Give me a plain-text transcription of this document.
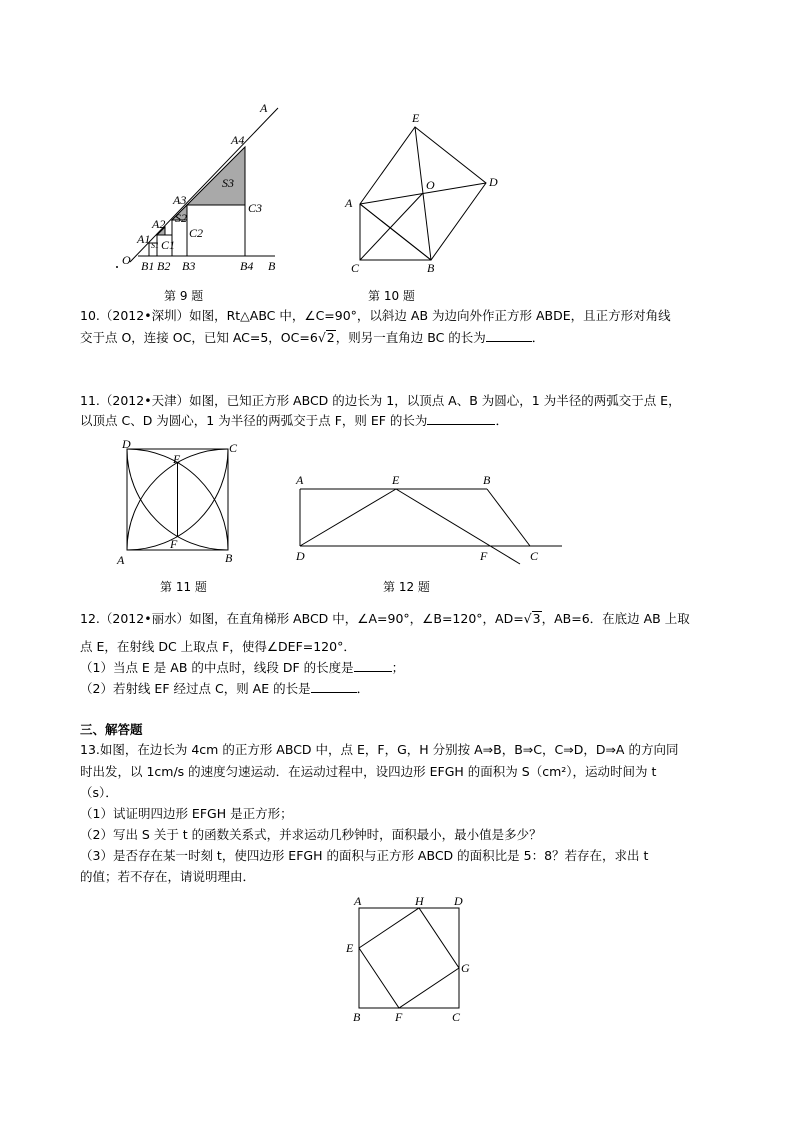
A
A4
S3
C3
A3
A2 S2
C2
A1 S1 C1
O B1 B2 B3	B4 B
第 9 题
E
O	D
A
C	B
第 10 题
10.（2012•深圳）如图，Rt△ABC 中，∠C=90°，以斜边 AB 为边向外作正方形 ABDE，且正方形对角线
交于点 O，连接 OC，已知 AC=5，OC=6√2，则另一直角边 BC 的长为	．
11.（2012•天津）如图，已知正方形 ABCD 的边长为 1，以顶点 A、B 为圆心，1 为半径的两弧交于点 E，
以顶点 C、D 为圆心，1 为半径的两弧交于点 F，则 EF 的长为	．
D
E
C
A
F
B
第 11 题
A	E	B
D	F	C
第 12 题
12.（2012•丽水）如图，在直角梯形 ABCD 中，∠A=90°，∠B=120°，AD=√3，AB=6．在底边 AB 上取
点 E，在射线 DC 上取点 F，使得∠DEF=120°．
（1）当点 E 是 AB 的中点时，线段 DF 的长度是	；
（2）若射线 EF 经过点 C，则 AE 的长是	．
三、解答题
13.如图，在边长为 4cm 的正方形 ABCD 中，点 E，F，G，H 分别按 A⇒B，B⇒C，C⇒D，D⇒A 的方向同
时出发，以 1cm/s 的速度匀速运动．在运动过程中，设四边形 EFGH 的面积为 S（cm²），运动时间为 t
（s）．
（1）试证明四边形 EFGH 是正方形；
（2）写出 S 关于 t 的函数关系式，并求运动几秒钟时，面积最小，最小值是多少？
（3）是否存在某一时刻 t，使四边形 EFGH 的面积与正方形 ABCD 的面积比是 5：8？若存在，求出 t
的值；若不存在，请说明理由．
A	H	D
E
G
B	F	C
